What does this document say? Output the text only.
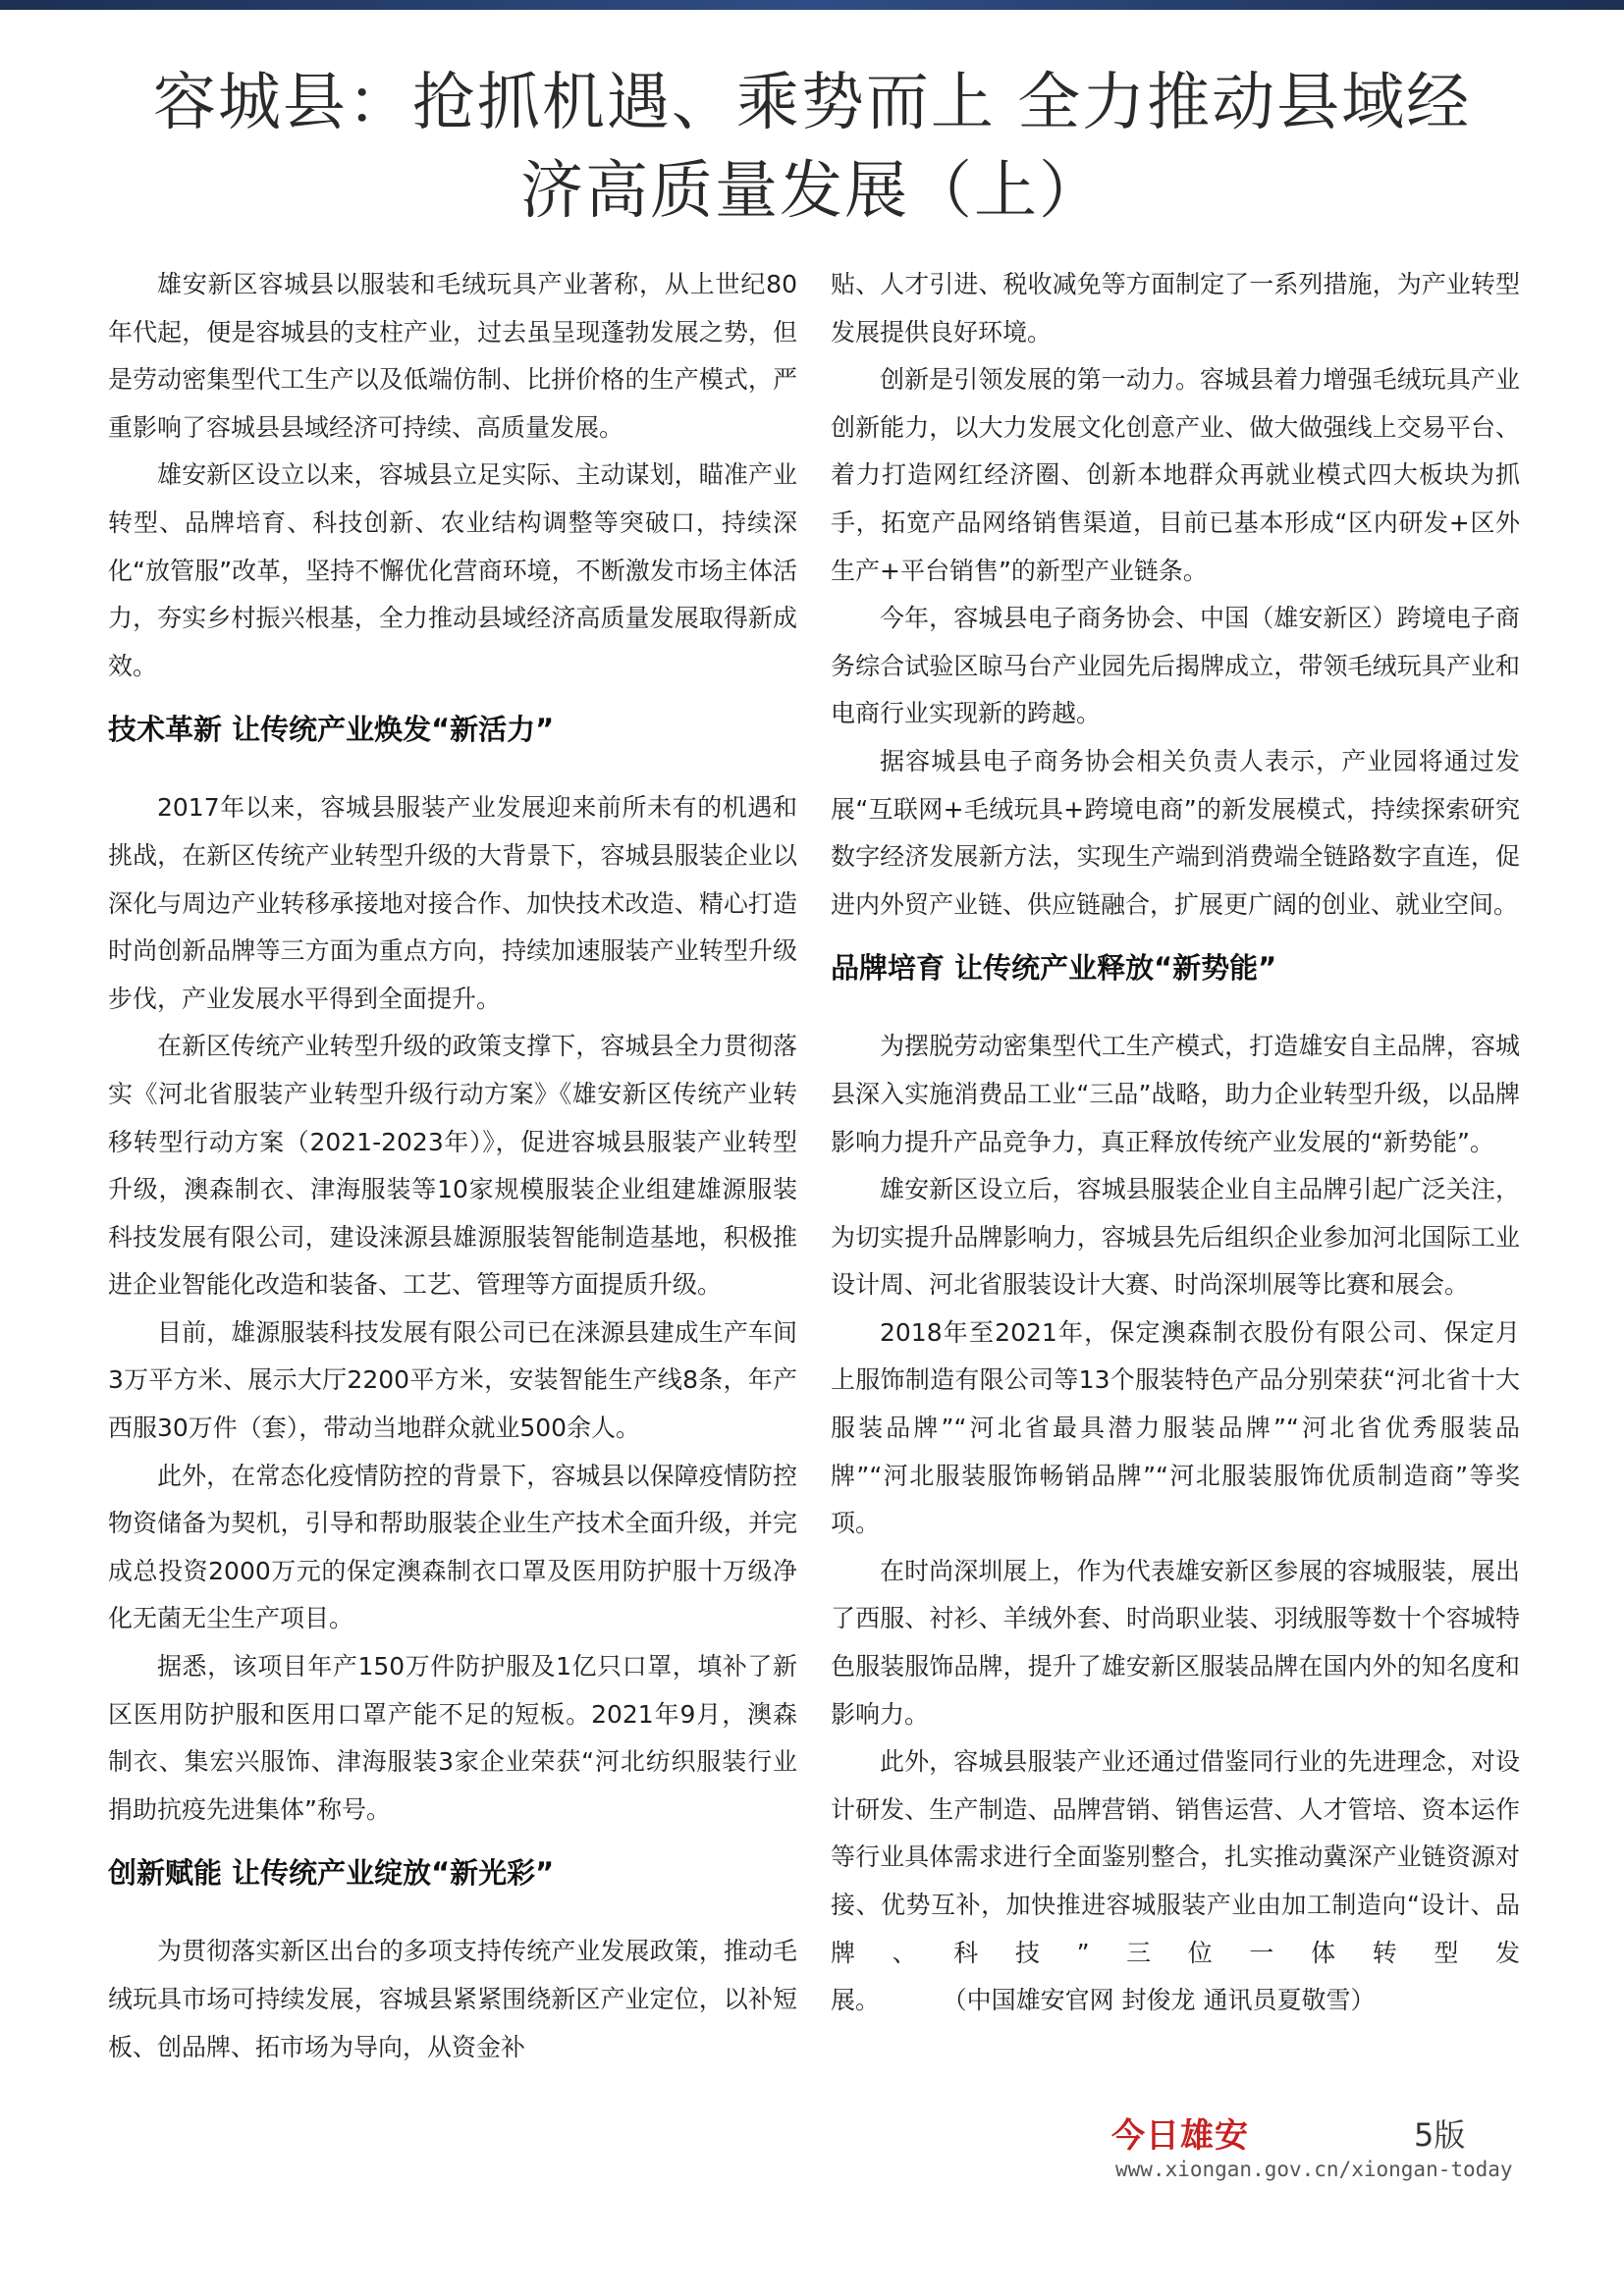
容城县：抢抓机遇、乘势而上 全力推动县域经
济高质量发展（上）

雄安新区容城县以服装和毛绒玩具产业著称，从上世纪80年代起，便是容城县的支柱产业，过去虽呈现蓬勃发展之势，但是劳动密集型代工生产以及低端仿制、比拼价格的生产模式，严重影响了容城县县域经济可持续、高质量发展。

雄安新区设立以来，容城县立足实际、主动谋划，瞄准产业转型、品牌培育、科技创新、农业结构调整等突破口，持续深化“放管服”改革，坚持不懈优化营商环境，不断激发市场主体活力，夯实乡村振兴根基，全力推动县域经济高质量发展取得新成效。

技术革新 让传统产业焕发“新活力”

2017年以来，容城县服装产业发展迎来前所未有的机遇和挑战，在新区传统产业转型升级的大背景下，容城县服装企业以深化与周边产业转移承接地对接合作、加快技术改造、精心打造时尚创新品牌等三方面为重点方向，持续加速服装产业转型升级步伐，产业发展水平得到全面提升。

在新区传统产业转型升级的政策支撑下，容城县全力贯彻落实《河北省服装产业转型升级行动方案》《雄安新区传统产业转移转型行动方案（2021-2023年）》，促进容城县服装产业转型升级，澳森制衣、津海服装等10家规模服装企业组建雄源服装科技发展有限公司，建设涞源县雄源服装智能制造基地，积极推进企业智能化改造和装备、工艺、管理等方面提质升级。

目前，雄源服装科技发展有限公司已在涞源县建成生产车间3万平方米、展示大厅2200平方米，安装智能生产线8条，年产西服30万件（套），带动当地群众就业500余人。

此外，在常态化疫情防控的背景下，容城县以保障疫情防控物资储备为契机，引导和帮助服装企业生产技术全面升级，并完成总投资2000万元的保定澳森制衣口罩及医用防护服十万级净化无菌无尘生产项目。

据悉，该项目年产150万件防护服及1亿只口罩，填补了新区医用防护服和医用口罩产能不足的短板。2021年9月，澳森制衣、集宏兴服饰、津海服装3家企业荣获“河北纺织服装行业捐助抗疫先进集体”称号。

创新赋能 让传统产业绽放“新光彩”

为贯彻落实新区出台的多项支持传统产业发展政策，推动毛绒玩具市场可持续发展，容城县紧紧围绕新区产业定位，以补短板、创品牌、拓市场为导向，从资金补

贴、人才引进、税收减免等方面制定了一系列措施，为产业转型发展提供良好环境。

创新是引领发展的第一动力。容城县着力增强毛绒玩具产业创新能力，以大力发展文化创意产业、做大做强线上交易平台、着力打造网红经济圈、创新本地群众再就业模式四大板块为抓手，拓宽产品网络销售渠道，目前已基本形成“区内研发+区外生产+平台销售”的新型产业链条。

今年，容城县电子商务协会、中国（雄安新区）跨境电子商务综合试验区晾马台产业园先后揭牌成立，带领毛绒玩具产业和电商行业实现新的跨越。

据容城县电子商务协会相关负责人表示，产业园将通过发展“互联网+毛绒玩具+跨境电商”的新发展模式，持续探索研究数字经济发展新方法，实现生产端到消费端全链路数字直连，促进内外贸产业链、供应链融合，扩展更广阔的创业、就业空间。

品牌培育 让传统产业释放“新势能”

为摆脱劳动密集型代工生产模式，打造雄安自主品牌，容城县深入实施消费品工业“三品”战略，助力企业转型升级，以品牌影响力提升产品竞争力，真正释放传统产业发展的“新势能”。

雄安新区设立后，容城县服装企业自主品牌引起广泛关注，为切实提升品牌影响力，容城县先后组织企业参加河北国际工业设计周、河北省服装设计大赛、时尚深圳展等比赛和展会。

2018年至2021年，保定澳森制衣股份有限公司、保定月上服饰制造有限公司等13个服装特色产品分别荣获“河北省十大服装品牌”“河北省最具潜力服装品牌”“河北省优秀服装品牌”“河北服装服饰畅销品牌”“河北服装服饰优质制造商”等奖项。

在时尚深圳展上，作为代表雄安新区参展的容城服装，展出了西服、衬衫、羊绒外套、时尚职业装、羽绒服等数十个容城特色服装服饰品牌，提升了雄安新区服装品牌在国内外的知名度和影响力。

此外，容城县服装产业还通过借鉴同行业的先进理念，对设计研发、生产制造、品牌营销、销售运营、人才管培、资本运作等行业具体需求进行全面鉴别整合，扎实推动冀深产业链资源对接、优势互补，加快推进容城服装产业由加工制造向“设计、品牌、科技”三位一体转型发展。	（中国雄安官网 封俊龙 通讯员夏敬雪）

今日雄安	5版
www.xiongan.gov.cn/xiongan-today
